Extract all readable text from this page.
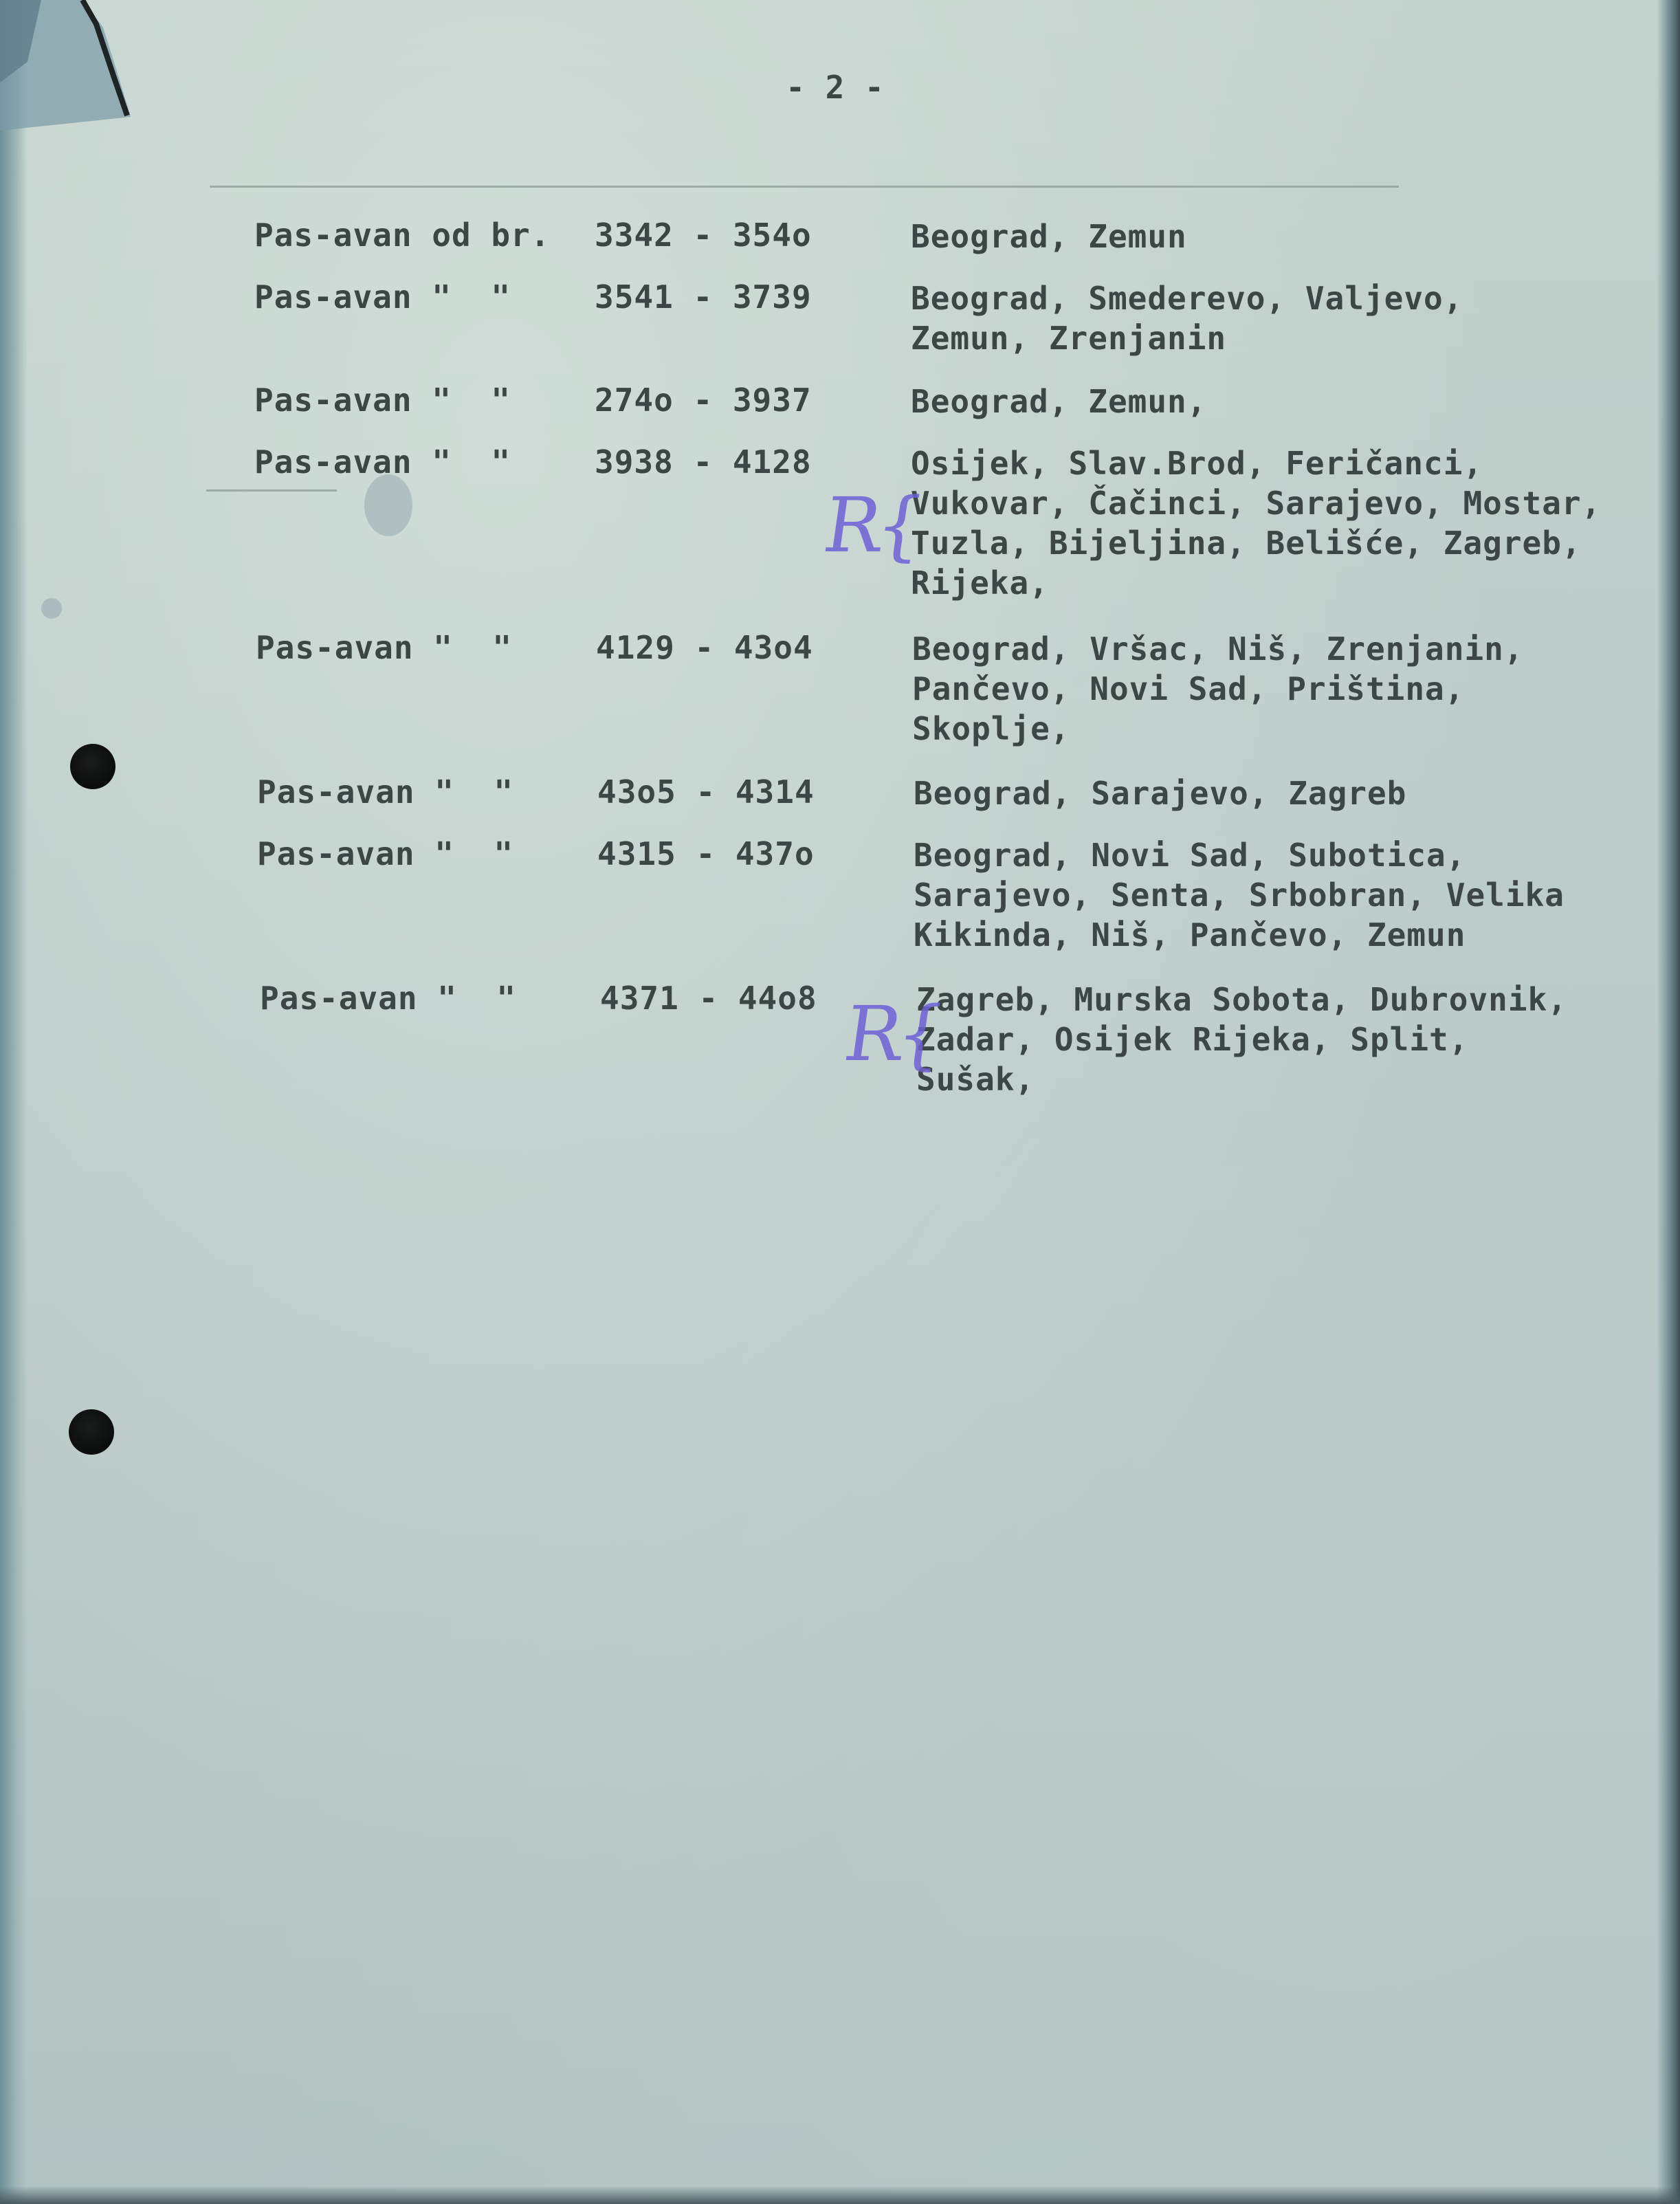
- 2 -
Pas-avan od br. 3342 - 354o	Beograd, Zemun
Pas-avan "  "	3541 - 3739	Beograd, Smederevo, Valjevo,
Zemun, Zrenjanin
Pas-avan "  "	274o - 3937	Beograd, Zemun,
Pas-avan "  "	3938 - 4128	Osijek, Slav.Brod, Feričanci,
Vukovar, Čačinci, Sarajevo, Mostar,
Tuzla, Bijeljina, Belišće, Zagreb,
Rijeka,
Pas-avan "  "	4129 - 43o4	Beograd, Vršac, Niš, Zrenjanin,
Pančevo, Novi Sad, Priština,
Skoplje,
Pas-avan "  "	43o5 - 4314	Beograd, Sarajevo, Zagreb
Pas-avan "  "	4315 - 437o	Beograd, Novi Sad, Subotica,
Sarajevo, Senta, Srbobran, Velika
Kikinda, Niš, Pančevo, Zemun
Pas-avan "  "	4371 - 44o8	Zagreb, Murska Sobota, Dubrovnik,
Zadar, Osijek Rijeka, Split,
Sušak,
R{
R{
